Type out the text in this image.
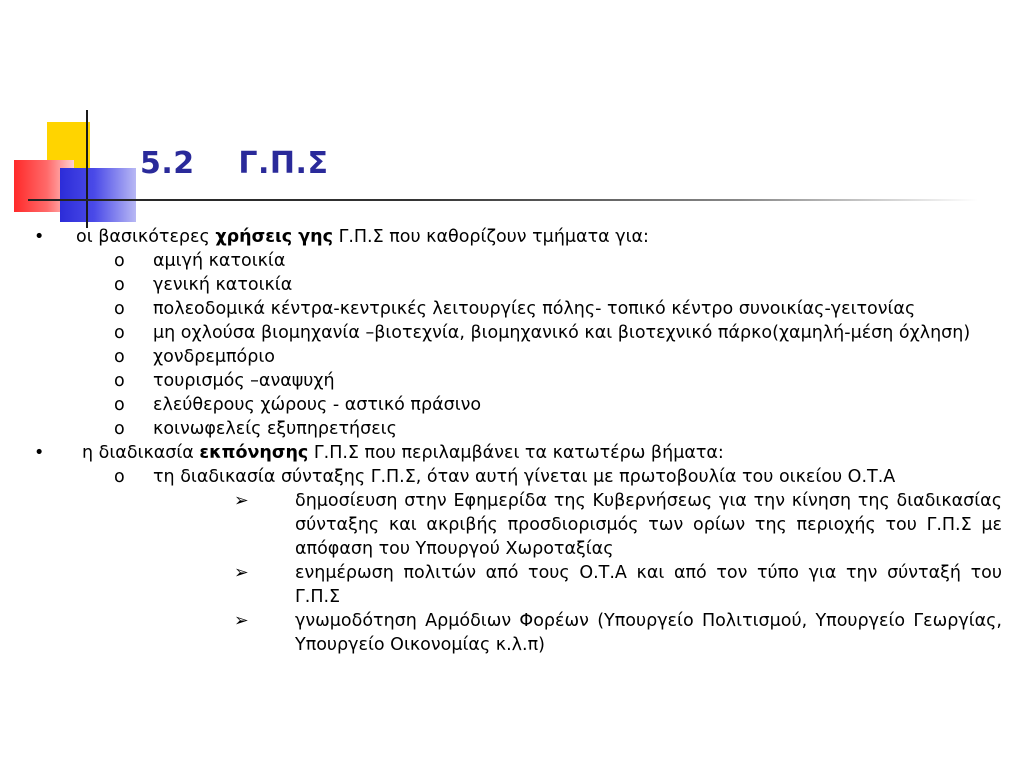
5.2    Γ.Π.Σ
• οι βασικότερες χρήσεις γης Γ.Π.Σ που καθορίζουν τμήματα για:
o αμιγή κατοικία
o γενική κατοικία
o πολεοδομικά κέντρα-κεντρικές λειτουργίες πόλης- τοπικό κέντρο συνοικίας-γειτονίας
o μη οχλούσα βιομηχανία –βιοτεχνία, βιομηχανικό και βιοτεχνικό πάρκο(χαμηλή-μέση όχληση)
o χονδρεμπόριο
o τουρισμός –αναψυχή
o ελεύθερους χώρους - αστικό πράσινο
o κοινωφελείς εξυπηρετήσεις
• η διαδικασία εκπόνησης Γ.Π.Σ που περιλαμβάνει τα κατωτέρω βήματα:
o τη διαδικασία σύνταξης Γ.Π.Σ, όταν αυτή γίνεται με πρωτοβουλία του οικείου Ο.Τ.Α
➢	δημοσίευση στην Εφημερίδα της Κυβερνήσεως για την κίνηση της διαδικασίας σύνταξης και ακριβής προσδιορισμός των ορίων της περιοχής του Γ.Π.Σ με απόφαση του Υπουργού Χωροταξίας
➢	ενημέρωση πολιτών από τους Ο.Τ.Α και από τον τύπο για την σύνταξή του Γ.Π.Σ
➢	γνωμοδότηση Αρμόδιων Φορέων (Υπουργείο Πολιτισμού, Υπουργείο Γεωργίας, Υπουργείο Οικονομίας κ.λ.π)
